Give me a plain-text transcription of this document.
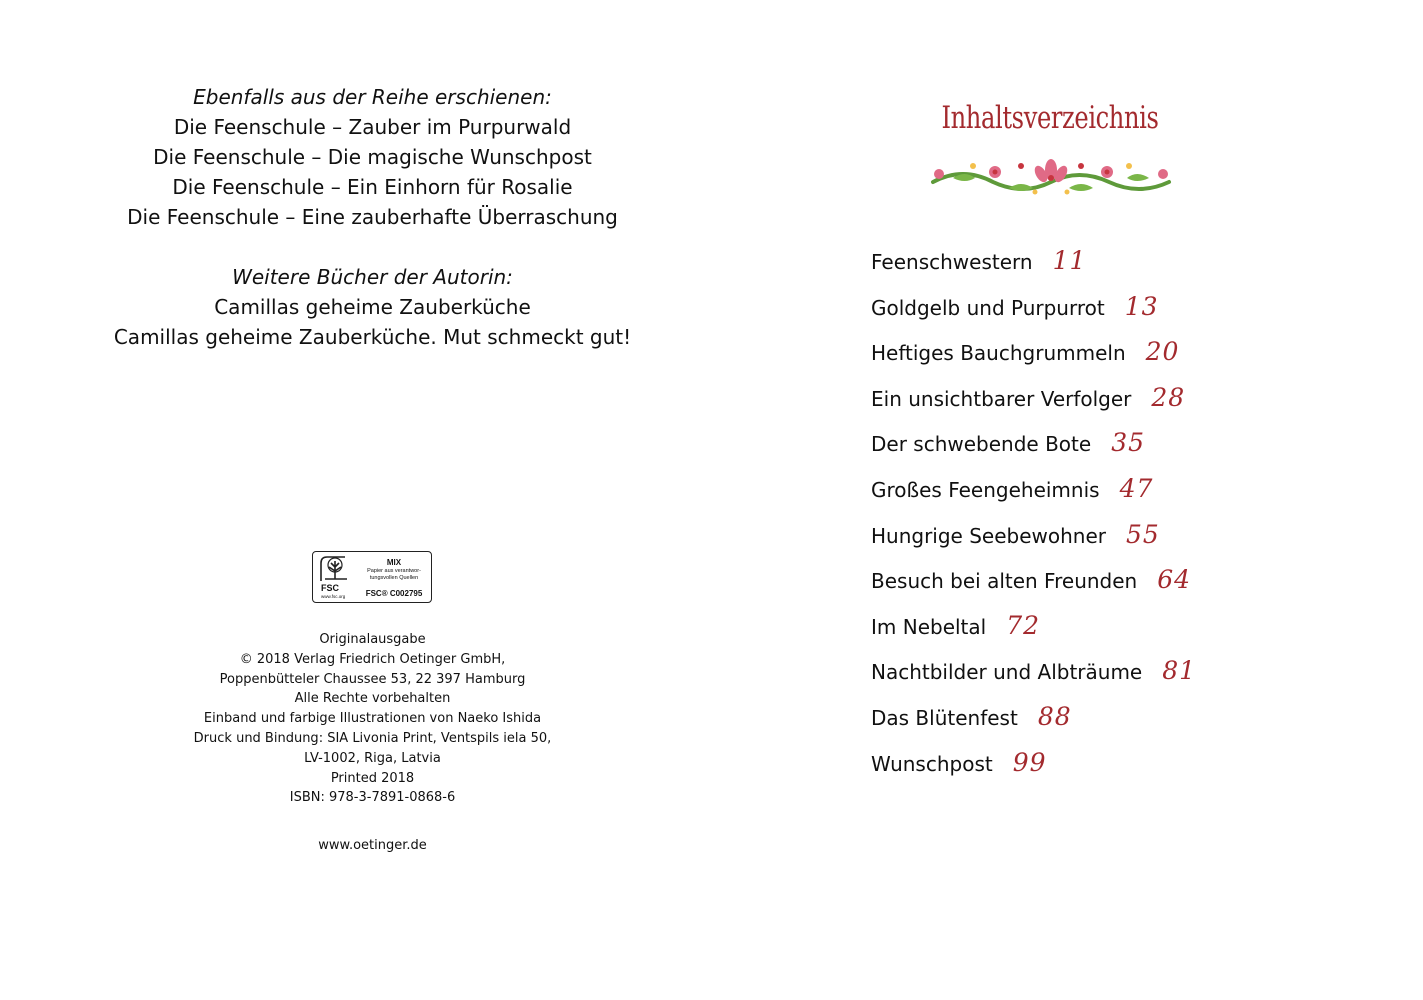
Ebenfalls aus der Reihe erschienen:
Die Feenschule – Zauber im Purpurwald
Die Feenschule – Die magische Wunschpost
Die Feenschule – Ein Einhorn für Rosalie
Die Feenschule – Eine zauberhafte Überraschung
Weitere Bücher der Autorin:
Camillas geheime Zauberküche
Camillas geheime Zauberküche. Mut schmeckt gut!
FSC
www.fsc.org
MIX
Papier aus verantwor-tungsvollen Quellen
FSC® C002795
Originalausgabe
© 2018 Verlag Friedrich Oetinger GmbH,
Poppenbütteler Chaussee 53, 22 397 Hamburg
Alle Rechte vorbehalten
Einband und farbige Illustrationen von Naeko Ishida
Druck und Bindung: SIA Livonia Print, Ventspils iela 50,
LV-1002, Riga, Latvia
Printed 2018
ISBN: 978-3-7891-0868-6
www.oetinger.de
Inhaltsverzeichnis
Feenschwestern 11
Goldgelb und Purpurrot 13
Heftiges Bauchgrummeln 20
Ein unsichtbarer Verfolger 28
Der schwebende Bote 35
Großes Feengeheimnis 47
Hungrige Seebewohner 55
Besuch bei alten Freunden 64
Im Nebeltal 72
Nachtbilder und Albträume 81
Das Blütenfest 88
Wunschpost 99
